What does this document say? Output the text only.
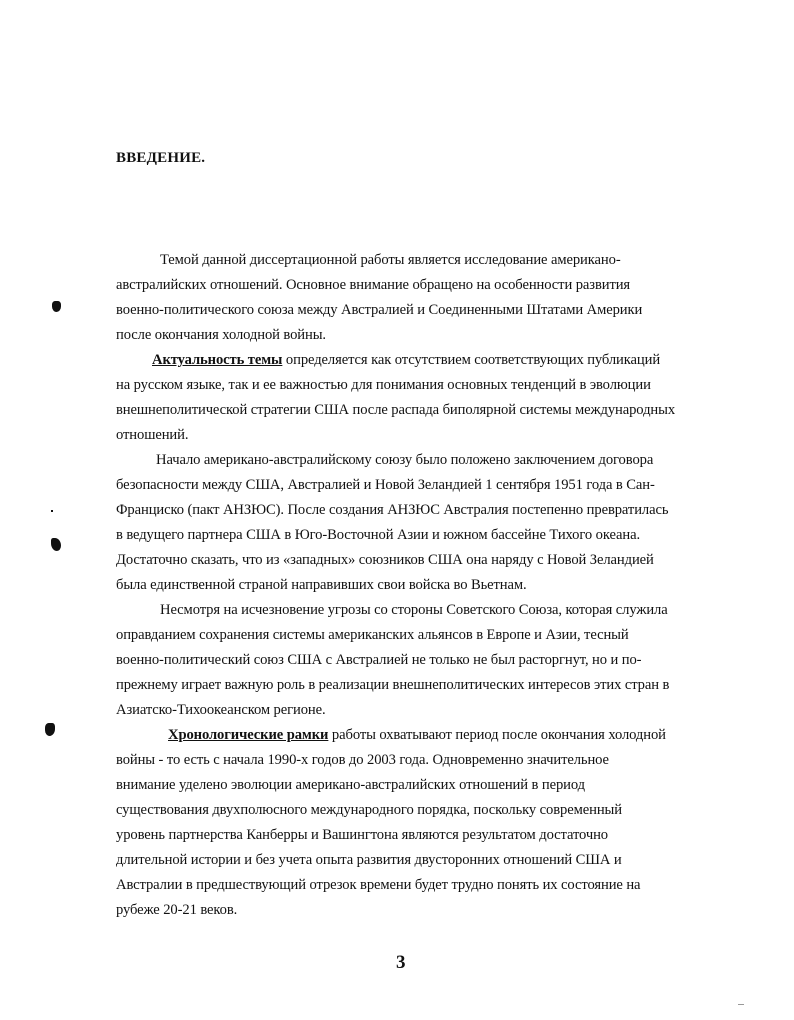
ВВЕДЕНИЕ.
Темой данной диссертационной работы является исследование американо-
австралийских отношений. Основное внимание обращено на особенности развития
военно-политического союза между Австралией и Соединенными Штатами Америки
после окончания холодной войны.
Актуальность темы определяется как отсутствием соответствующих публикаций
на русском языке, так и ее важностью для понимания основных тенденций в эволюции
внешнеполитической стратегии США после распада биполярной системы международных
отношений.
Начало американо-австралийскому союзу было положено заключением договора
безопасности между США, Австралией и Новой Зеландией 1 сентября 1951 года в Сан-
Франциско (пакт АНЗЮС). После создания АНЗЮС Австралия постепенно превратилась
в ведущего партнера США в Юго-Восточной Азии и южном бассейне Тихого океана.
Достаточно сказать, что из «западных» союзников США она наряду с Новой Зеландией
была единственной страной направивших свои войска во Вьетнам.
Несмотря на исчезновение угрозы со стороны Советского Союза, которая служила
оправданием сохранения системы американских альянсов в Европе и Азии, тесный
военно-политический союз США с Австралией не только не был расторгнут, но и по-
прежнему играет важную роль в реализации внешнеполитических интересов этих стран в
Азиатско-Тихоокеанском регионе.
Хронологические рамки работы охватывают период после окончания холодной
войны - то есть с начала 1990-х годов до 2003 года. Одновременно значительное
внимание уделено эволюции американо-австралийских отношений в период
существования двухполюсного международного порядка, поскольку современный
уровень партнерства Канберры и Вашингтона являются результатом достаточно
длительной истории и без учета опыта развития двусторонних отношений США и
Австралии в предшествующий отрезок времени будет трудно понять их состояние на
рубеже 20-21 веков.
3
